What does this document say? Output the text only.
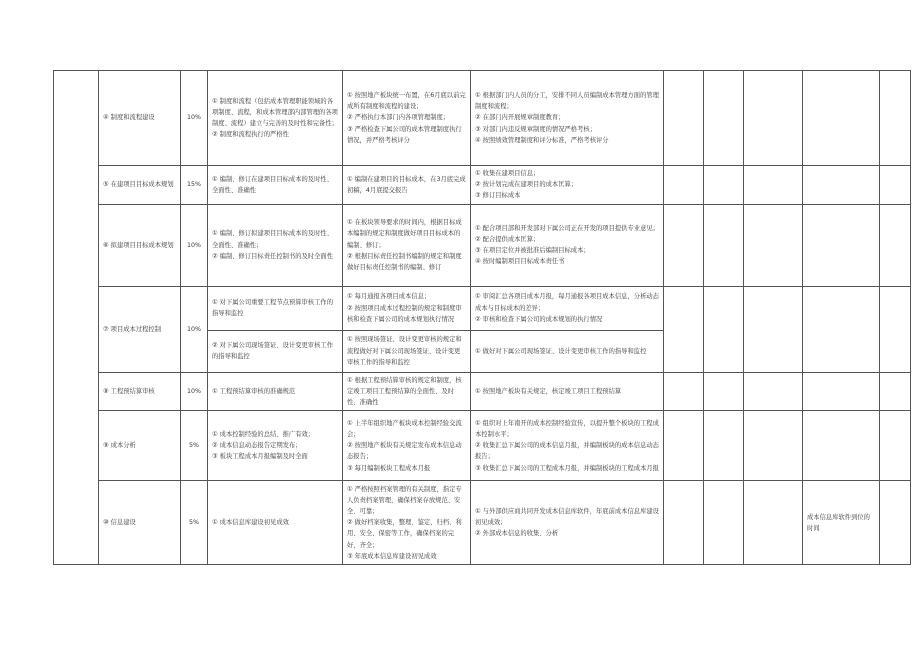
	④ 制度和流程建设	10%	① 制度和流程（包括成本管理职能领域的各项制度、流程，和成本管理部内部管理的各项制度、流程）建立与完善的及时性和完备性；
② 制度和流程执行的严格性	① 按照地产板块统一布置，在6月底以前完成所有制度和流程的建设；
② 严格执行本部门内各项管理制度；
③ 严格检查下属公司的成本管理制度执行情况，并严格考核评分	① 根据部门内人员的分工，安排不同人员编制成本管理方面的管理制度和流程；
② 在部门内开展规章制度教育；
③ 对部门内违反规章制度的情况严格考核；
④ 按照绩效管理制度和评分标准，严格考核评分					

	⑤ 在建项目目标成本规划	15%	① 编制、修订在建项目目标成本的及时性、全面性、准确性	① 编制在建项目的目标成本，在3月底完成初稿，4月底提交报告	① 收集在建项目信息；
② 按计划完成在建项目的成本匡算；
③ 修订目标成本					

	⑥ 拟建项目目标成本规划	10%	① 编制、修订拟建项目目标成本的及时性、全面性、准确性；
② 编制、修订目标责任控制书的及时全面性	① 在板块领导要求的时间内，根据目标成本编制的规定和制度做好项目目标成本的编制、修订；
② 根据目标责任控制书编制的规定和制度做好目标责任控制书的编制、修订	① 配合项目部和开发部对下属公司正在开发的项目提供专业意见；
② 配合提供成本匡算；
③ 在项目定位并被批准后编制目标成本；
④ 按时编制项目目标成本责任书					

	⑦ 项目成本过程控制	10%	① 对下属公司重要工程节点预算审核工作的指导和监控	① 每月通报各项目成本信息；
② 按照项目成本过程控制的规定和制度审核和检查下属公司的成本规划执行情况	① 审阅汇总各项目成本月报，每月通报各项目成本信息，分析动态成本与目标成本的差异；
② 审核和检查下属公司的成本规划的执行情况					

			② 对下属公司现场签证、设计变更审核工作的指导和监控	① 按照现场签证、设计变更审核的规定和流程做好对下属公司现场签证、设计变更审核工作的指导和监控	① 做好对下属公司现场签证、设计变更审核工作的指导和监控					

	⑧ 工程预结算审核	10%	① 工程预结算审核的准确规范	① 根据工程预结算审核的规定和制度，核定竣工项目工程预结算的全面性、及时性、准确性	① 按照地产板块有关规定，核定竣工项目工程预结算					

	⑨ 成本分析	5%	① 成本控制经验的总结、推广有效；
② 成本信息动态报告定期发布；
③ 板块工程成本月报编制及时全面	① 上半年组织地产板块成本控制经验交流会；
② 按照地产板块有关规定发布成本信息动态报告；
③ 每月编制板块工程成本月报	① 组织对上年南开的成本控制经验宣传，以提升整个板块的工程成本控制水平；
② 收集汇总下属公司的成本信息月报，并编制板块的成本信息动态报告；
③ 收集汇总下属公司的工程成本月报，并编制板块的工程成本月报					

	⑩ 信息建设	5%	① 成本信息库建设初见成效	① 严格按照档案管理的有关制度，指定专人负责档案管理，确保档案存放规范、安全、可靠；
② 做好档案收集，整理、鉴定、归档、利用、安全、保密等工作，确保档案的完好、齐全；
③ 年底成本信息库建设初见成效	① 与外部供应商共同开发成本信息库软件，年底前成本信息库建设初见成效；
② 外部成本信息的收集、分析				成本信息库软件到位的时间	
